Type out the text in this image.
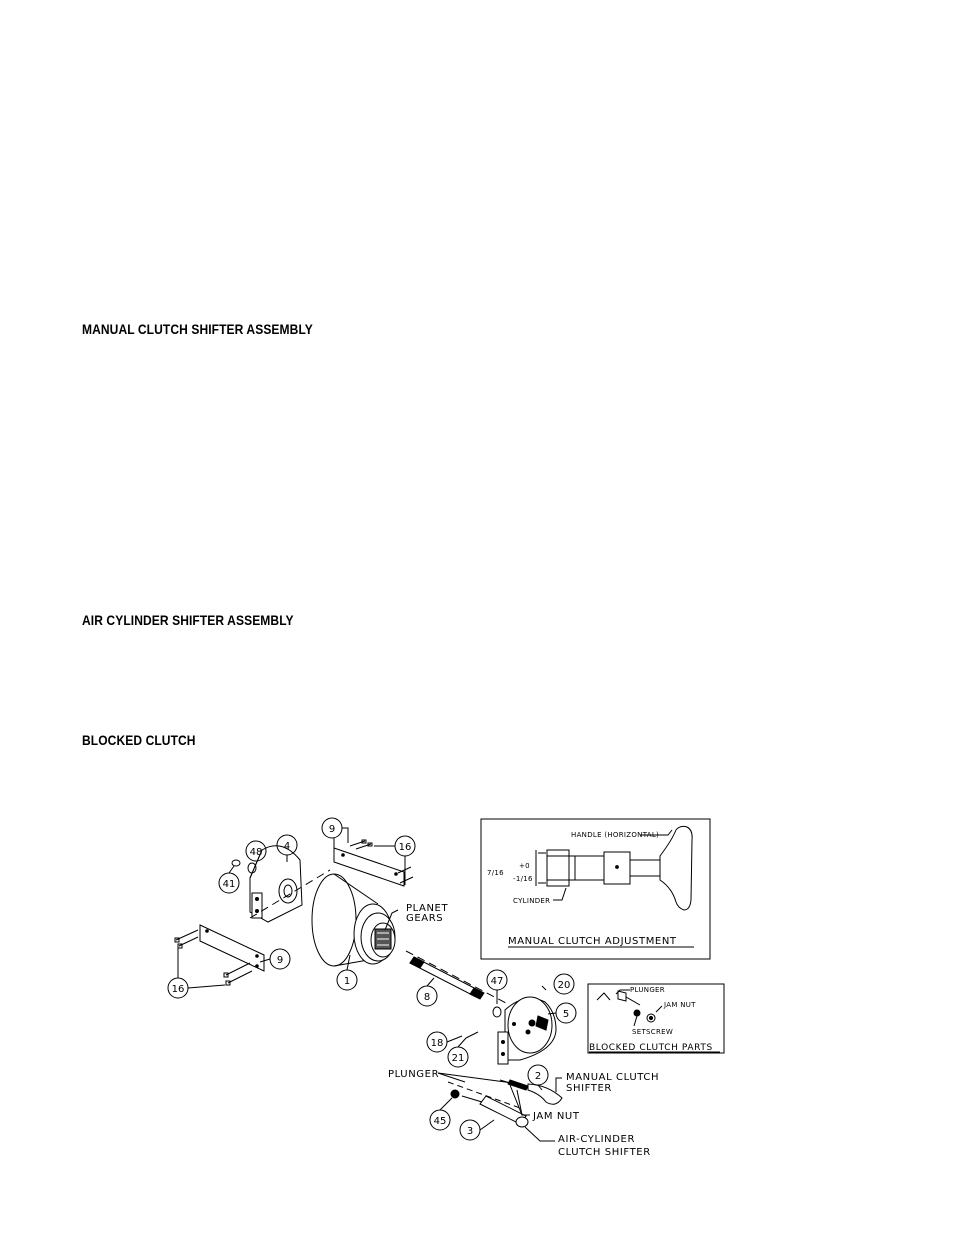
MANUAL CLUTCH SHIFTER ASSEMBLY
AIR CYLINDER SHIFTER ASSEMBLY
BLOCKED CLUTCH
9
16
4
48
41
16
9
1
8
47	20
5
18
21
2
45
3
PLANET
GEARS
PLUNGER	MANUAL CLUTCH
SHIFTER
JAM NUT
AIR-CYLINDER
CLUTCH SHIFTER
HANDLE (HORIZONTAL)
CYLINDER
7/16
+0
-1/16
MANUAL CLUTCH ADJUSTMENT
PLUNGER
JAM NUT
SETSCREW
BLOCKED CLUTCH PARTS
